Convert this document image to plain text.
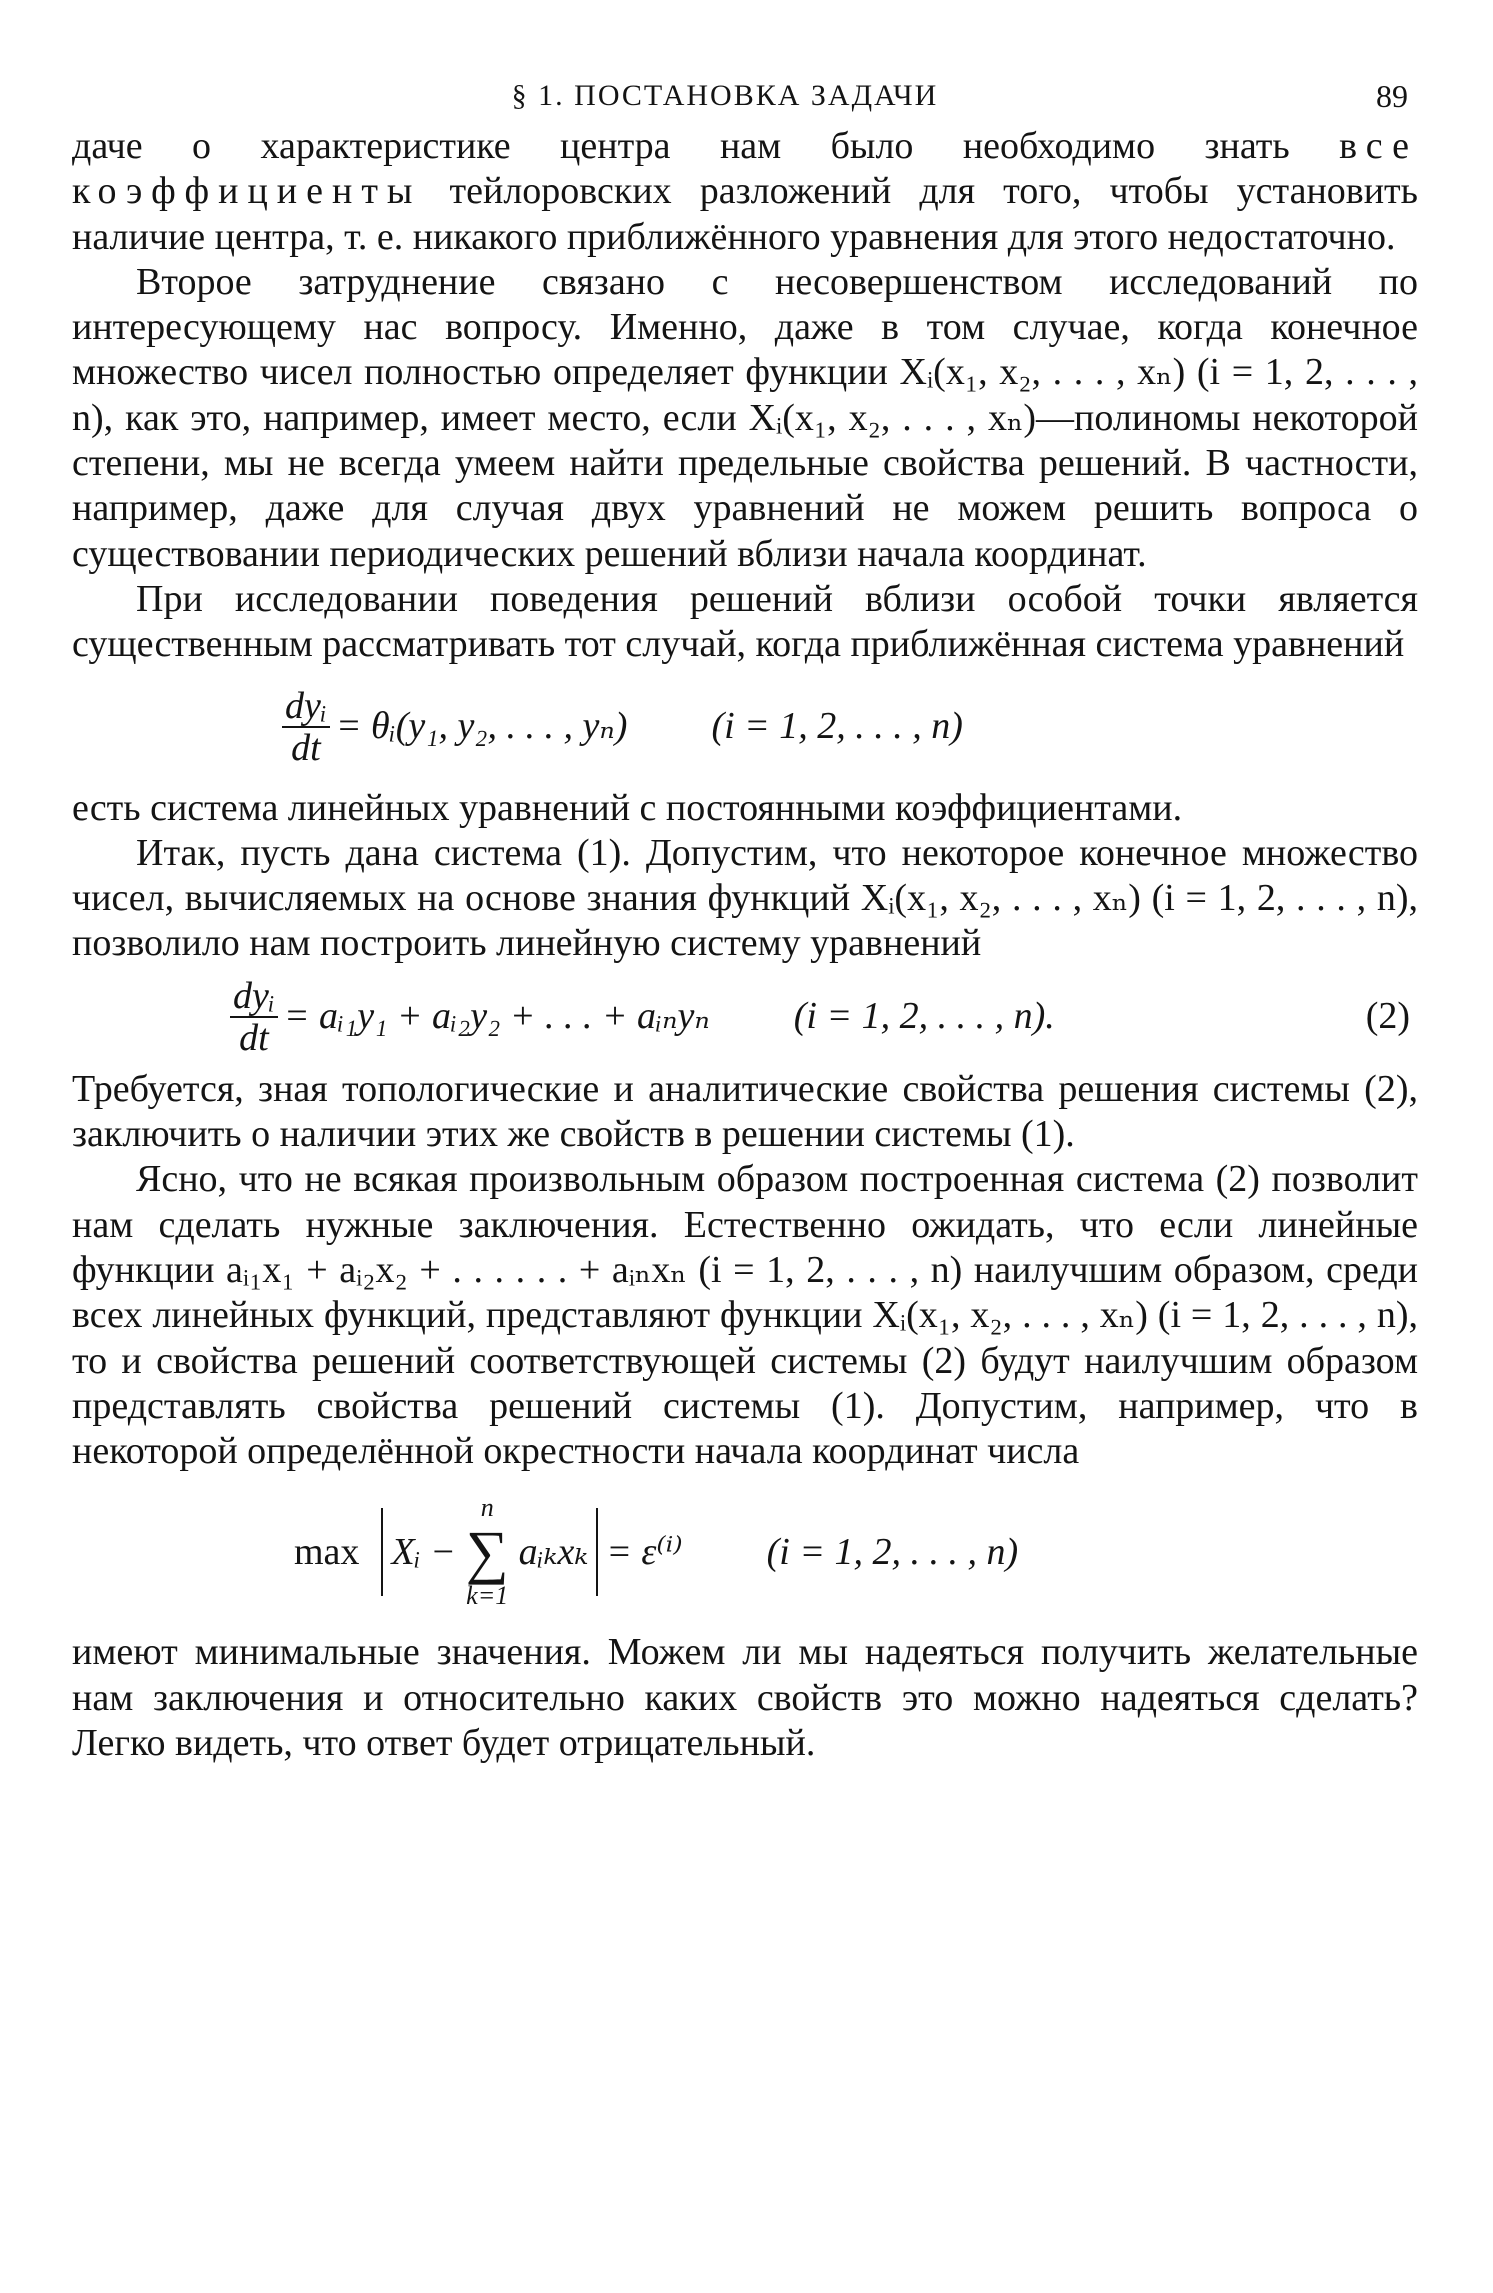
§ 1. ПОСТАНОВКА ЗАДАЧИ	89

даче о характеристике центра нам было необходимо знать все коэффициенты тейлоровских разложений для того, чтобы установить наличие центра, т. е. никакого приближённого уравнения для этого недостаточно.

Второе затруднение связано с несовершенством исследований по интересующему нас вопросу. Именно, даже в том случае, когда конечное множество чисел полностью определяет функции Xᵢ(x₁, x₂, . . . , xₙ) (i = 1, 2, . . . , n), как это, например, имеет место, если Xᵢ(x₁, x₂, . . . , xₙ)—полиномы некоторой степени, мы не всегда умеем найти предельные свойства решений. В частности, например, даже для случая двух уравнений не можем решить вопроса о существовании периодических решений вблизи начала координат.

При исследовании поведения решений вблизи особой точки является существенным рассматривать тот случай, когда приближённая система уравнений

$\frac{\text{dyᵢ}}{dt}$ = θᵢ(y₁, y₂, . . . , yₙ) (i = 1, 2, . . . , n)

есть система линейных уравнений с постоянными коэффициентами.

Итак, пусть дана система (1). Допустим, что некоторое конечное множество чисел, вычисляемых на основе знания функций Xᵢ(x₁, x₂, . . . , xₙ) (i = 1, 2, . . . , n), позволило нам построить линейную систему уравнений

$\frac{\text{dyᵢ}}{dt}$ = aᵢ₁y₁ + aᵢ₂y₂ + . . . + aᵢₙyₙ (i = 1, 2, . . . , n).	(2)

Требуется, зная топологические и аналитические свойства решения системы (2), заключить о наличии этих же свойств в решении системы (1).

Ясно, что не всякая произвольным образом построенная система (2) позволит нам сделать нужные заключения. Естественно ожидать, что если линейные функции aᵢ₁x₁ + aᵢ₂x₂ + . . . . . . + aᵢₙxₙ (i = 1, 2, . . . , n) наилучшим образом, среди всех линейных функций, представляют функции Xᵢ(x₁, x₂, . . . , xₙ) (i = 1, 2, . . . , n), то и свойства решений соответствующей системы (2) будут наилучшим образом представлять свойства решений системы (1). Допустим, например, что в некоторой определённой окрестности начала координат числа

max Xᵢ −
n
∑
k=1
aᵢₖxₖ = ε⁽ⁱ⁾ (i = 1, 2, . . . , n)

имеют минимальные значения. Можем ли мы надеяться получить желательные нам заключения и относительно каких свойств это можно надеяться сделать? Легко видеть, что ответ будет отрицательный.
